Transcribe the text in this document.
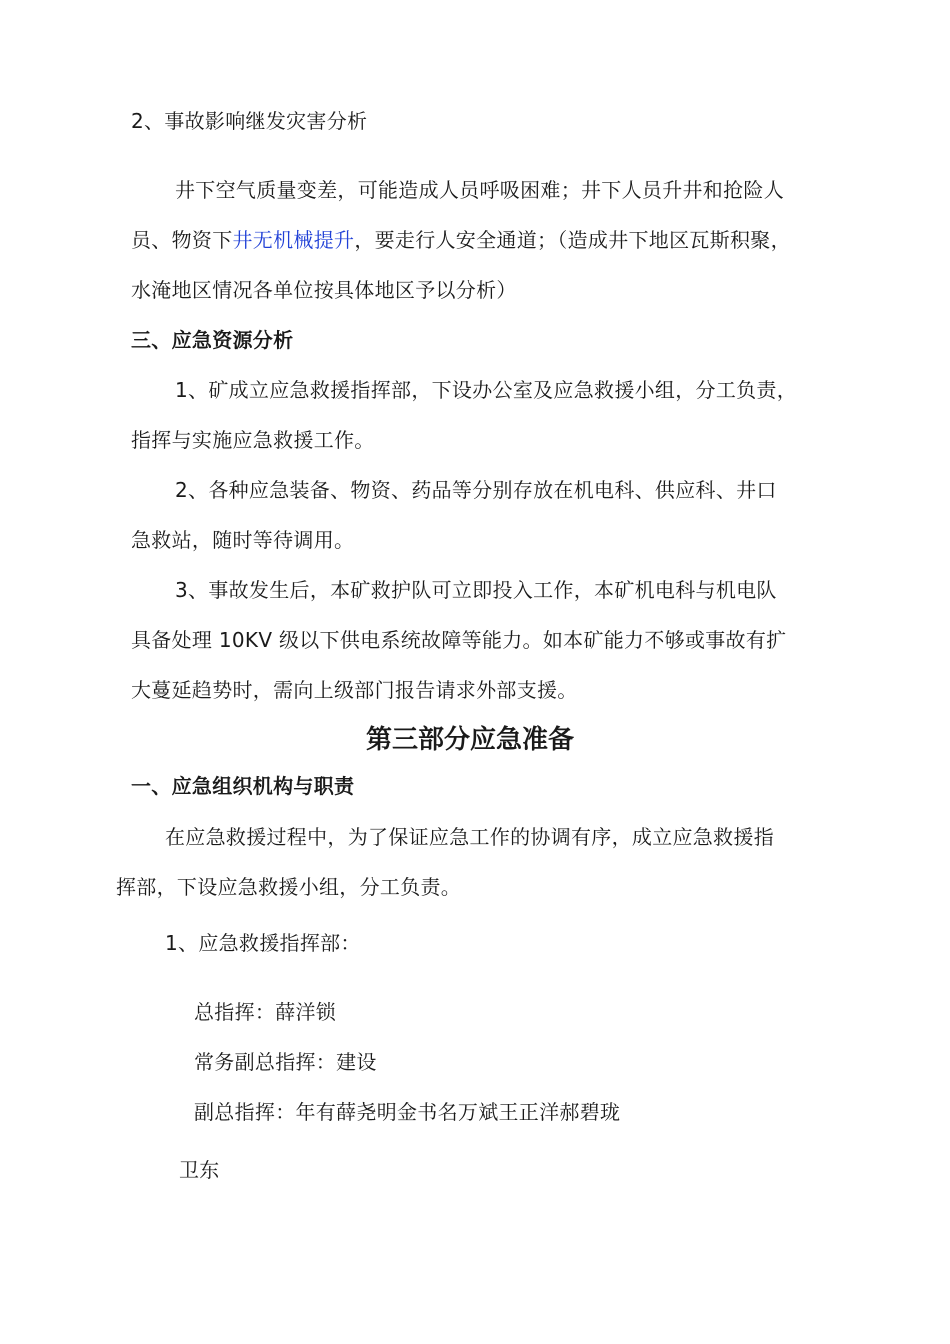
2、事故影响继发灾害分析
井下空气质量变差，可能造成人员呼吸困难；井下人员升井和抢险人
员、物资下井无机械提升，要走行人安全通道；（造成井下地区瓦斯积聚，
水淹地区情况各单位按具体地区予以分析）
三、应急资源分析
1、矿成立应急救援指挥部，下设办公室及应急救援小组，分工负责，
指挥与实施应急救援工作。
2、各种应急装备、物资、药品等分别存放在机电科、供应科、井口
急救站，随时等待调用。
3、事故发生后，本矿救护队可立即投入工作，本矿机电科与机电队
具备处理 10KV 级以下供电系统故障等能力。如本矿能力不够或事故有扩
大蔓延趋势时，需向上级部门报告请求外部支援。
第三部分应急准备
一、应急组织机构与职责
在应急救援过程中，为了保证应急工作的协调有序，成立应急救援指
挥部，下设应急救援小组，分工负责。
1、应急救援指挥部：
总指挥：薛洋锁
常务副总指挥：建设
副总指挥：年有薛尧明金书名万斌王正洋郝碧珑
卫东
